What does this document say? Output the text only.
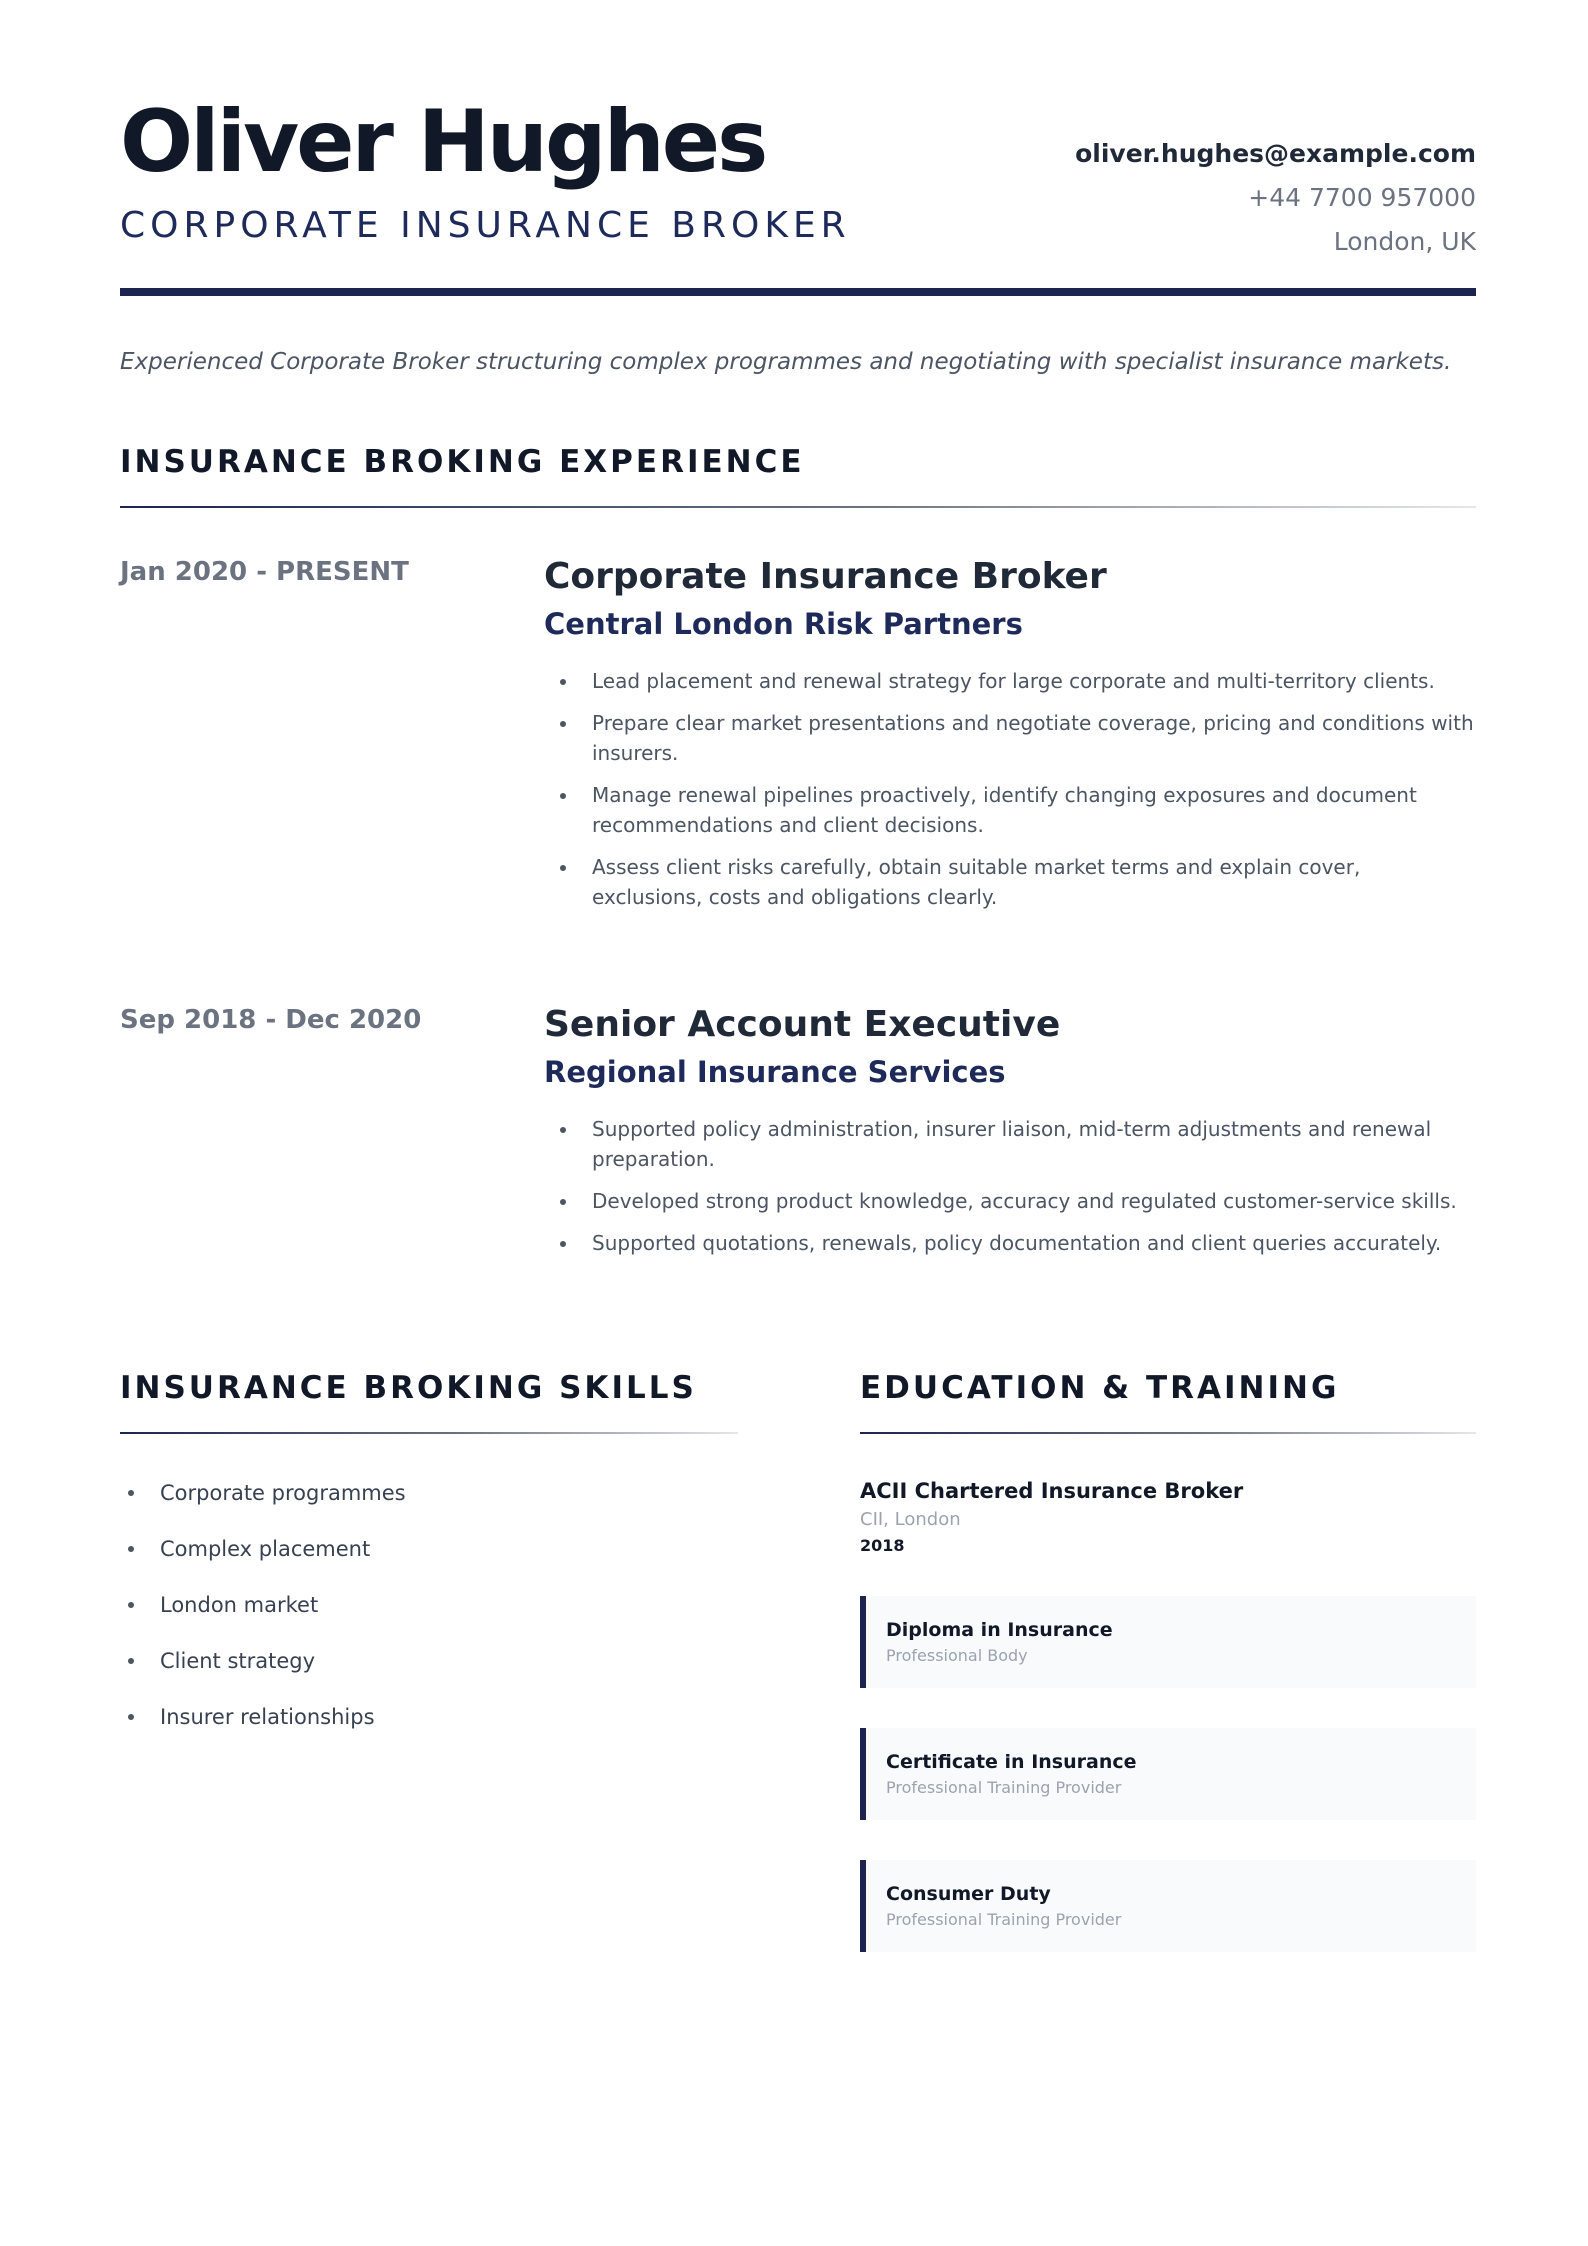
Oliver Hughes
CORPORATE INSURANCE BROKER
oliver.hughes@example.com
+44 7700 957000
London, UK
Experienced Corporate Broker structuring complex programmes and negotiating with specialist insurance markets.
INSURANCE BROKING EXPERIENCE
Jan 2020 - PRESENT	Corporate Insurance Broker
Central London Risk Partners
Lead placement and renewal strategy for large corporate and multi-territory clients.
Prepare clear market presentations and negotiate coverage, pricing and conditions with insurers.
Manage renewal pipelines proactively, identify changing exposures and document recommendations and client decisions.
Assess client risks carefully, obtain suitable market terms and explain cover, exclusions, costs and obligations clearly.
Sep 2018 - Dec 2020	Senior Account Executive
Regional Insurance Services
Supported policy administration, insurer liaison, mid-term adjustments and renewal preparation.
Developed strong product knowledge, accuracy and regulated customer-service skills.
Supported quotations, renewals, policy documentation and client queries accurately.
INSURANCE BROKING SKILLS
Corporate programmes
Complex placement
London market
Client strategy
Insurer relationships
EDUCATION & TRAINING
ACII Chartered Insurance Broker
CII, London
2018
Diploma in Insurance
Professional Body
Certificate in Insurance
Professional Training Provider
Consumer Duty
Professional Training Provider
